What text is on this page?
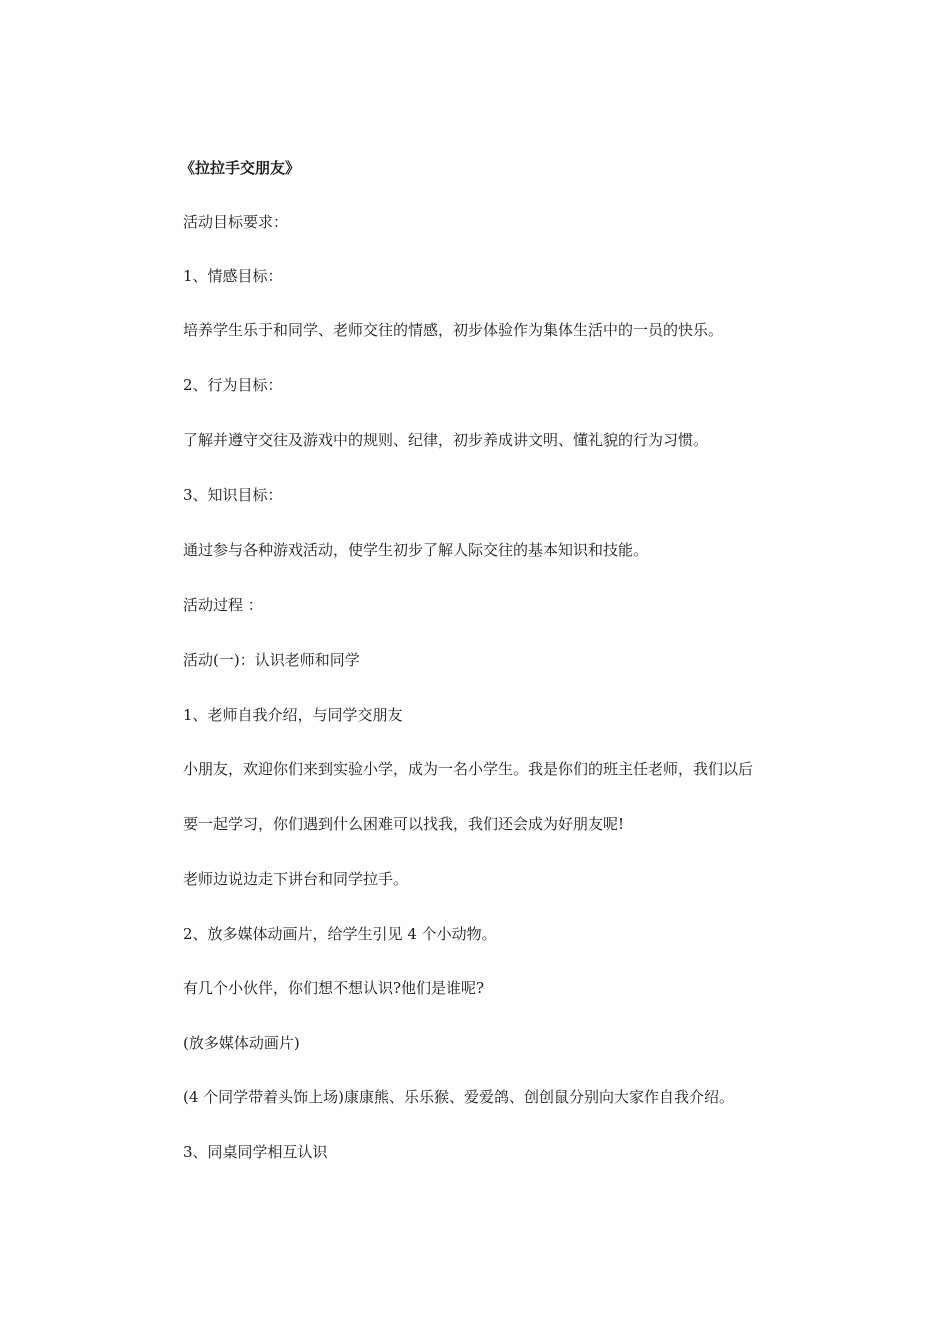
《拉拉手交朋友》
活动目标要求：
1、情感目标：
培养学生乐于和同学、老师交往的情感，初步体验作为集体生活中的一员的快乐。
2、行为目标：
了解并遵守交往及游戏中的规则、纪律，初步养成讲文明、懂礼貌的行为习惯。
3、知识目标：
通过参与各种游戏活动，使学生初步了解人际交往的基本知识和技能。
活动过程 ：
活动(一)：认识老师和同学
1、老师自我介绍，与同学交朋友
小朋友，欢迎你们来到实验小学，成为一名小学生。我是你们的班主任老师，我们以后
要一起学习，你们遇到什么困难可以找我，我们还会成为好朋友呢!
老师边说边走下讲台和同学拉手。
2、放多媒体动画片，给学生引见 4 个小动物。
有几个小伙伴，你们想不想认识?他们是谁呢?
(放多媒体动画片)
(4 个同学带着头饰上场)康康熊、乐乐猴、爱爱鸽、创创鼠分别向大家作自我介绍。
3、同桌同学相互认识
